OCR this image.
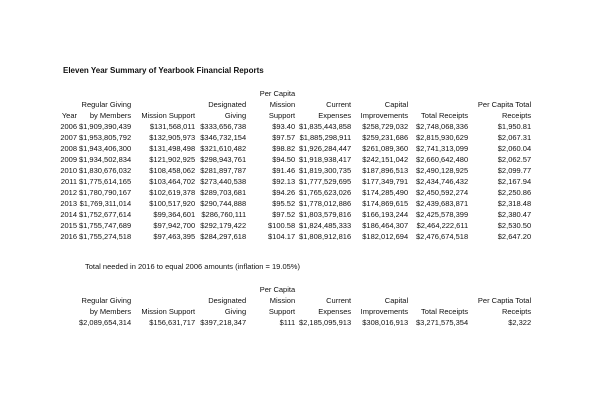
Eleven Year Summary of Yearbook Financial Reports
				Per Capita				
	Regular Giving		Designated	Mission	Current	Capital		Per Capita Total
Year	by Members	Mission Support	Giving	Support	Expenses	Improvements	Total Receipts	Receipts
2006	$1,909,390,439	$131,568,011	$333,656,738	$93.40	$1,835,443,858	$258,729,032	$2,748,068,336	$1,950.81
2007	$1,953,805,792	$132,905,973	$346,732,154	$97.57	$1,885,298,911	$259,231,686	$2,815,930,629	$2,067.31
2008	$1,943,406,300	$131,498,498	$321,610,482	$98.82	$1,926,284,447	$261,089,360	$2,741,313,099	$2,060.04
2009	$1,934,502,834	$121,902,925	$298,943,761	$94.50	$1,918,938,417	$242,151,042	$2,660,642,480	$2,062.57
2010	$1,830,676,032	$108,458,062	$281,897,787	$91.46	$1,819,300,735	$187,896,513	$2,490,128,925	$2,099.77
2011	$1,775,614,165	$103,464,702	$273,440,538	$92.13	$1,777,529,695	$177,349,791	$2,434,746,432	$2,167.94
2012	$1,780,790,167	$102,619,378	$289,703,681	$94.26	$1,765,623,026	$174,285,490	$2,450,592,274	$2,250.86
2013	$1,769,311,014	$100,517,920	$290,744,888	$95.52	$1,778,012,886	$174,869,615	$2,439,683,871	$2,318.48
2014	$1,752,677,614	$99,364,601	$286,760,111	$97.52	$1,803,579,816	$166,193,244	$2,425,578,399	$2,380.47
2015	$1,755,747,689	$97,942,700	$292,179,422	$100.58	$1,824,485,333	$186,464,307	$2,464,222,611	$2,530.50
2016	$1,755,274,518	$97,463,395	$284,297,618	$104.17	$1,808,912,816	$182,012,694	$2,476,674,518	$2,647.20
Total needed in 2016 to equal 2006 amounts (inflation = 19.05%)
				Per Capita				
	Regular Giving		Designated	Mission	Current	Capital		Per Captia Total
	by Members	Mission Support	Giving	Support	Expenses	Improvements	Total Receipts	Receipts
	$2,089,654,314	$156,631,717	$397,218,347	$111	$2,185,095,913	$308,016,913	$3,271,575,354	$2,322
